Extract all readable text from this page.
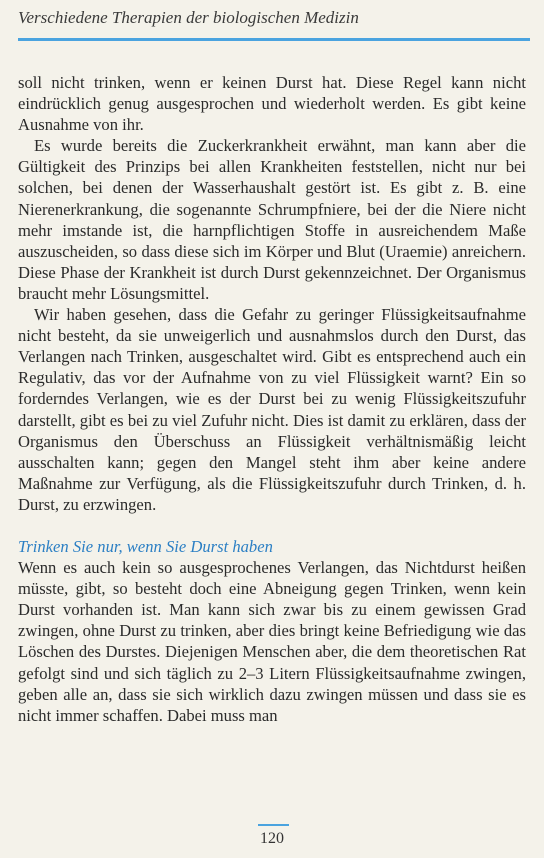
Verschiedene Therapien der biologischen Medizin

soll nicht trinken, wenn er keinen Durst hat. Diese Regel kann nicht eindrücklich genug ausgesprochen und wiederholt werden. Es gibt keine Ausnahme von ihr.

Es wurde bereits die Zuckerkrankheit erwähnt, man kann aber die Gültigkeit des Prinzips bei allen Krankheiten feststellen, nicht nur bei solchen, bei denen der Wasserhaushalt gestört ist. Es gibt z. B. eine Nierenerkrankung, die sogenannte Schrumpfniere, bei der die Niere nicht mehr imstande ist, die harnpflichtigen Stoffe in ausreichendem Maße auszuscheiden, so dass diese sich im Körper und Blut (Uraemie) anreichern. Diese Phase der Krankheit ist durch Durst gekennzeichnet. Der Organismus braucht mehr Lösungsmittel.

Wir haben gesehen, dass die Gefahr zu geringer Flüssigkeitsaufnahme nicht besteht, da sie unweigerlich und ausnahmslos durch den Durst, das Verlangen nach Trinken, ausgeschaltet wird. Gibt es entsprechend auch ein Regulativ, das vor der Aufnahme von zu viel Flüssigkeit warnt? Ein so forderndes Verlangen, wie es der Durst bei zu wenig Flüssigkeitszufuhr darstellt, gibt es bei zu viel Zufuhr nicht. Dies ist damit zu erklären, dass der Organismus den Überschuss an Flüssigkeit verhältnismäßig leicht ausschalten kann; gegen den Mangel steht ihm aber keine andere Maßnahme zur Verfügung, als die Flüssigkeitszufuhr durch Trinken, d. h. Durst, zu erzwingen.

Trinken Sie nur, wenn Sie Durst haben

Wenn es auch kein so ausgesprochenes Verlangen, das Nichtdurst heißen müsste, gibt, so besteht doch eine Abneigung gegen Trinken, wenn kein Durst vorhanden ist. Man kann sich zwar bis zu einem gewissen Grad zwingen, ohne Durst zu trinken, aber dies bringt keine Befriedigung wie das Löschen des Durstes. Diejenigen Menschen aber, die dem theoretischen Rat gefolgt sind und sich täglich zu 2–3 Litern Flüssigkeitsaufnahme zwingen, geben alle an, dass sie sich wirklich dazu zwingen müssen und dass sie es nicht immer schaffen. Dabei muss man

120
